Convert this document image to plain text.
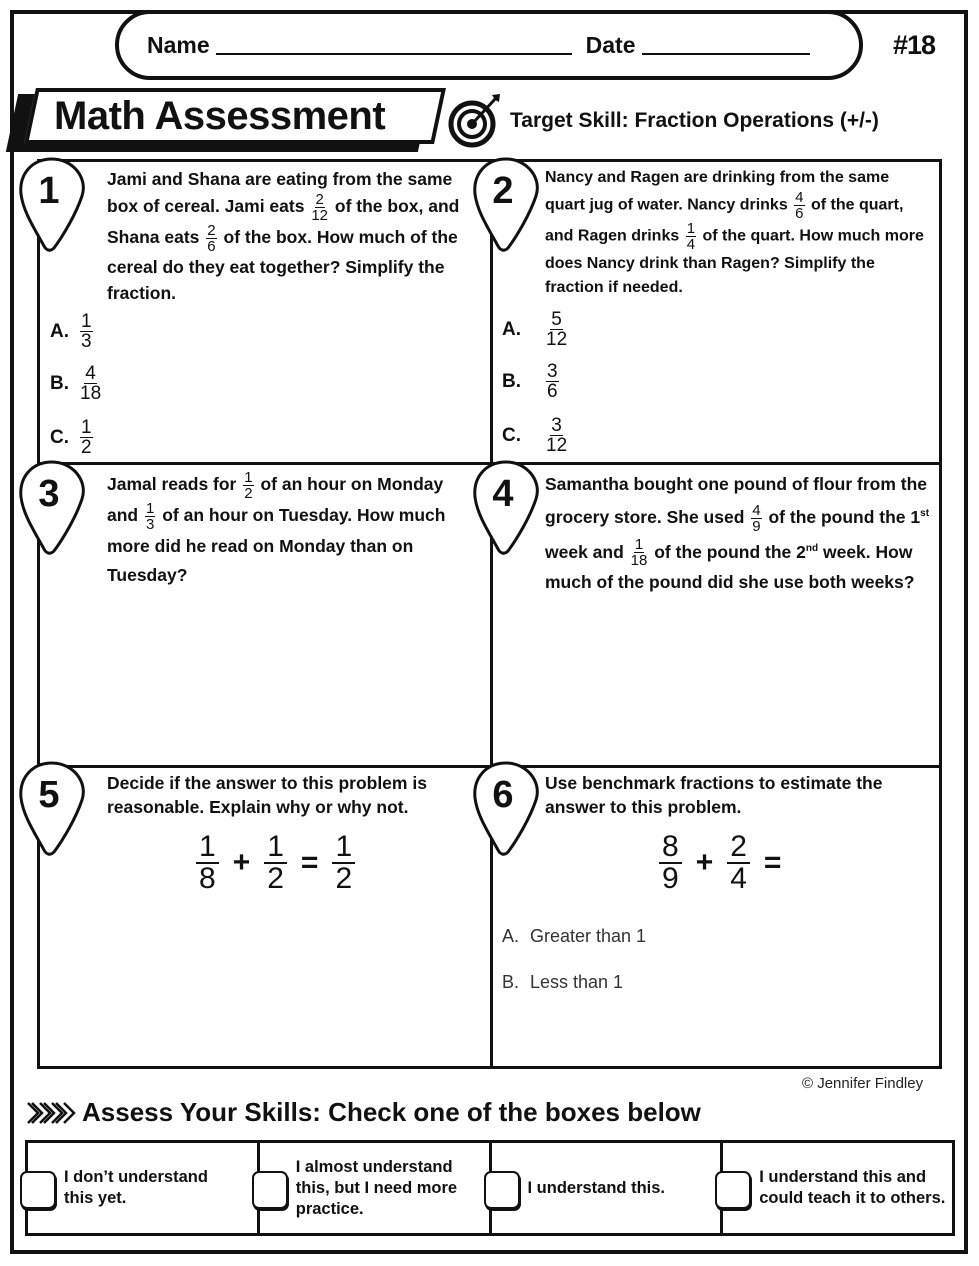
Name	Date	#18
Math Assessment	Target Skill: Fraction Operations (+/-)
1	2
3	4
5	6
Jami and Shana are eating from the same box of cereal. Jami eats $\frac{2}{12}$ of the box, and Shana eats $\frac{2}{6}$ of the box. How much of the cereal do they eat together? Simplify the fraction.
A. $\frac{1}{3}$
B. $\frac{4}{18}$
C. $\frac{1}{2}$
Nancy and Ragen are drinking from the same quart jug of water. Nancy drinks $\frac{4}{6}$ of the quart, and Ragen drinks $\frac{1}{4}$ of the quart. How much more does Nancy drink than Ragen? Simplify the fraction if needed.
A.	$\frac{5}{12}$
B.	$\frac{3}{6}$
C.	$\frac{3}{12}$
Jamal reads for $\frac{1}{2}$ of an hour on Monday and $\frac{1}{3}$ of an hour on Tuesday. How much more did he read on Monday than on Tuesday?
Samantha bought one pound of flour from the grocery store. She used $\frac{4}{9}$ of the pound the 1st week and $\frac{1}{18}$ of the pound the 2nd week. How much of the pound did she use both weeks?
Decide if the answer to this problem is reasonable. Explain why or why not.
$\frac{1}{8} + \frac{1}{2} = \frac{1}{2}$
Use benchmark fractions to estimate the answer to this problem.
$\frac{8}{9} + \frac{2}{4}$ =
A. Greater than 1
B. Less than 1
© Jennifer Findley
Assess Your Skills: Check one of the boxes below
I don’t understand this yet.
I almost understand this, but I need more practice.
I understand this.
I understand this and could teach it to others.
